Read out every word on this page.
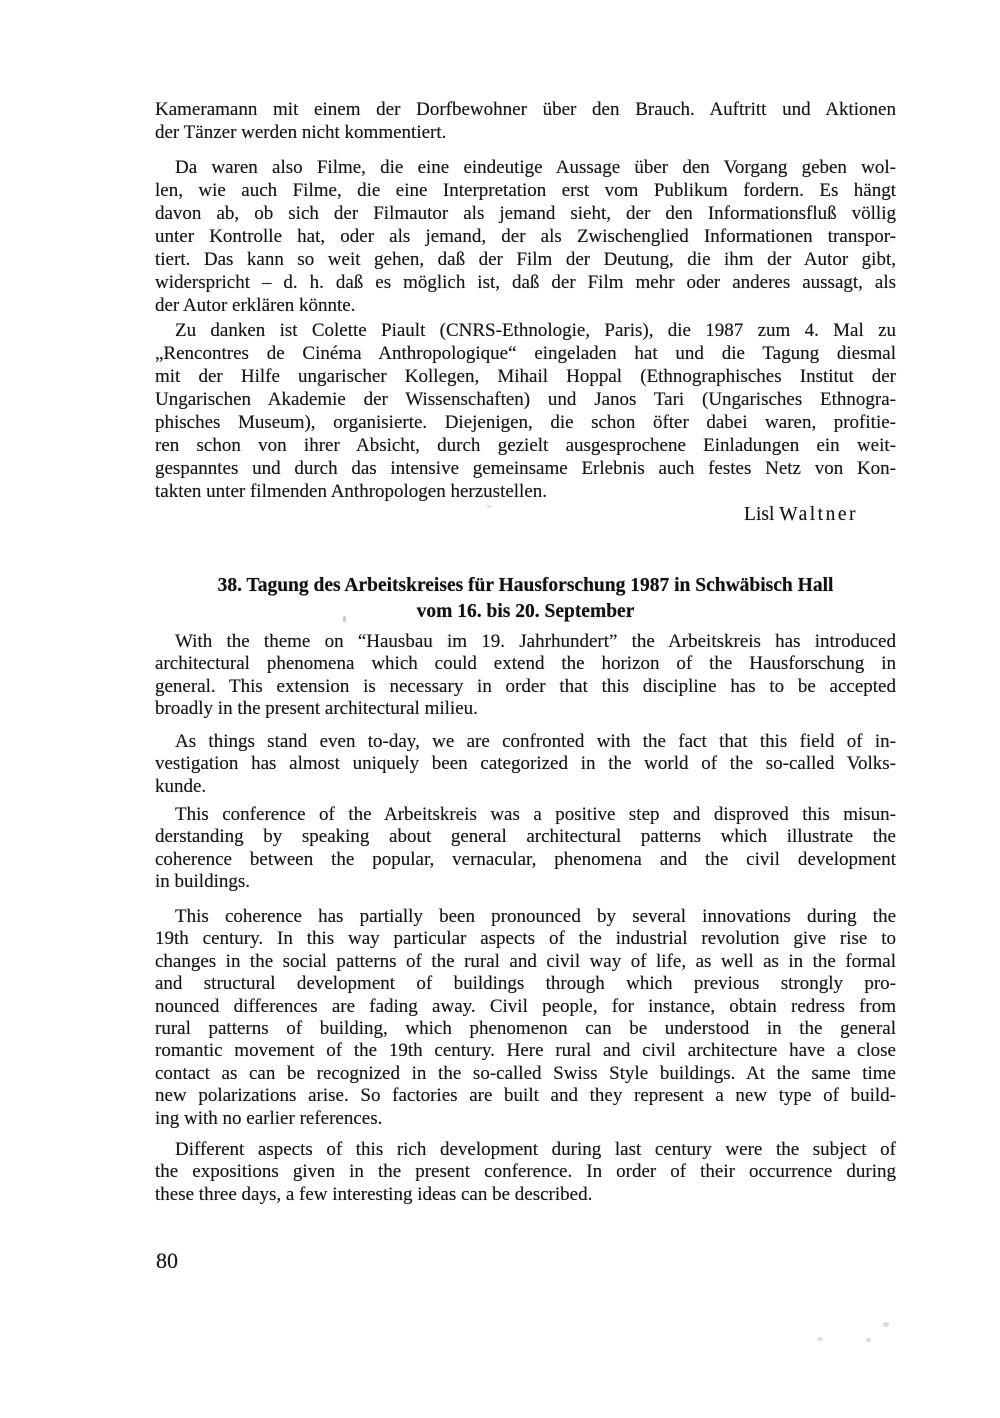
Kameramann mit einem der Dorfbewohner über den Brauch. Auftritt und Aktionen
der Tänzer werden nicht kommentiert.
Da waren also Filme, die eine eindeutige Aussage über den Vorgang geben wol-
len, wie auch Filme, die eine Interpretation erst vom Publikum fordern. Es hängt
davon ab, ob sich der Filmautor als jemand sieht, der den Informationsfluß völlig
unter Kontrolle hat, oder als jemand, der als Zwischenglied Informationen transpor-
tiert. Das kann so weit gehen, daß der Film der Deutung, die ihm der Autor gibt,
widerspricht – d. h. daß es möglich ist, daß der Film mehr oder anderes aussagt, als
der Autor erklären könnte.
Zu danken ist Colette Piault (CNRS-Ethnologie, Paris), die 1987 zum 4. Mal zu
„Rencontres de Cinéma Anthropologique“ eingeladen hat und die Tagung diesmal
mit der Hilfe ungarischer Kollegen, Mihail Hoppal (Ethnographisches Institut der
Ungarischen Akademie der Wissenschaften) und Janos Tari (Ungarisches Ethnogra-
phisches Museum), organisierte. Diejenigen, die schon öfter dabei waren, profitie-
ren schon von ihrer Absicht, durch gezielt ausgesprochene Einladungen ein weit-
gespanntes und durch das intensive gemeinsame Erlebnis auch festes Netz von Kon-
takten unter filmenden Anthropologen herzustellen.
Lisl Waltner
38. Tagung des Arbeitskreises für Hausforschung 1987 in Schwäbisch Hall
vom 16. bis 20. September
With the theme on “Hausbau im 19. Jahrhundert” the Arbeitskreis has introduced
architectural phenomena which could extend the horizon of the Hausforschung in
general. This extension is necessary in order that this discipline has to be accepted
broadly in the present architectural milieu.
As things stand even to-day, we are confronted with the fact that this field of in-
vestigation has almost uniquely been categorized in the world of the so-called Volks-
kunde.
This conference of the Arbeitskreis was a positive step and disproved this misun-
derstanding by speaking about general architectural patterns which illustrate the
coherence between the popular, vernacular, phenomena and the civil development
in buildings.
This coherence has partially been pronounced by several innovations during the
19th century. In this way particular aspects of the industrial revolution give rise to
changes in the social patterns of the rural and civil way of life, as well as in the formal
and structural development of buildings through which previous strongly pro-
nounced differences are fading away. Civil people, for instance, obtain redress from
rural patterns of building, which phenomenon can be understood in the general
romantic movement of the 19th century. Here rural and civil architecture have a close
contact as can be recognized in the so-called Swiss Style buildings. At the same time
new polarizations arise. So factories are built and they represent a new type of build-
ing with no earlier references.
Different aspects of this rich development during last century were the subject of
the expositions given in the present conference. In order of their occurrence during
these three days, a few interesting ideas can be described.
80
